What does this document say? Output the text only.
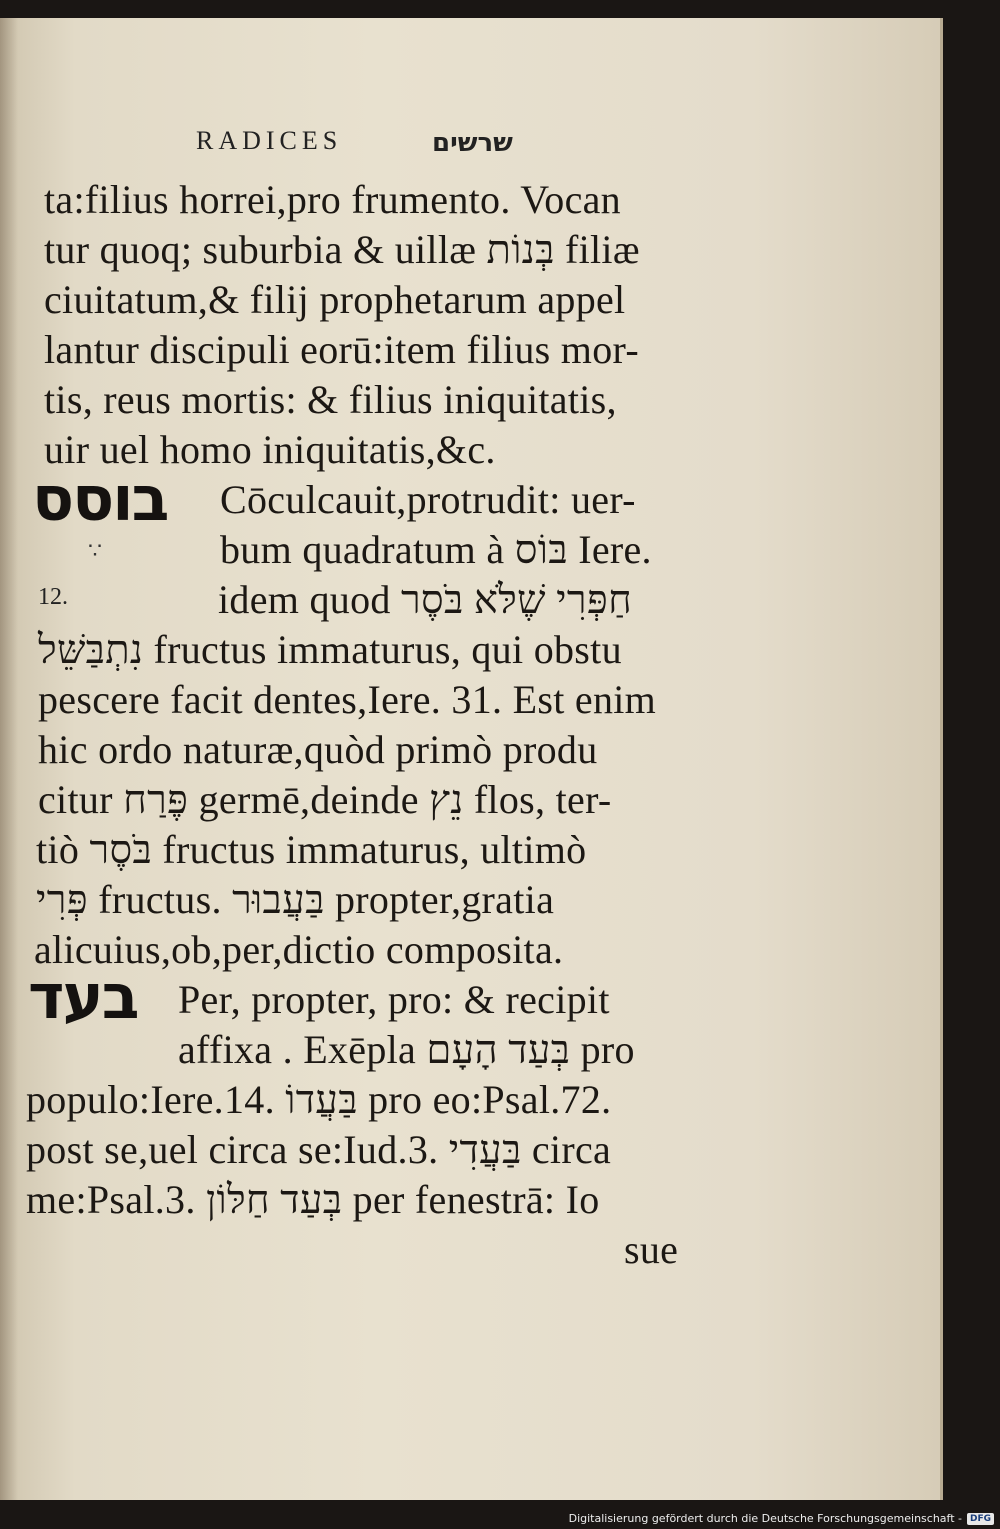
RADICES	שרשים
ta:filius horrei,pro frumento. Vocan
tur quoq; suburbia & uillæ בְּנוֹת filiæ
ciuitatum,& filij prophetarum appel
lantur discipuli eorū:item filius mor-
tis, reus mortis: & filius iniquitatis,
uir uel homo iniquitatis,&c.
בוסס Cōculcauit,protrudit: uer-
∵	bum quadratum à בּוֹס Iere.
12.	idem quod חַפְּרִי שֶׁלֹּא בֹּסֶר
נִתְבַּשֵּׁל fructus immaturus, qui obstu
pescere facit dentes,Iere. 31. Est enim
hic ordo naturæ,quòd primò produ
citur פֶּרַח germē,deinde נֵץ flos, ter-
tiò בֹּסֶר fructus immaturus, ultimò
פְּרִי fructus. בַּעֲבוּר propter,gratia
alicuius,ob,per,dictio composita.
בעד Per, propter, pro: & recipit
affixa . Exēpla בְּעַד הָעָם pro
populo:Iere.14. בַּעֲדוֹ pro eo:Psal.72.
post se,uel circa se:Iud.3. בַּעֲדִי circa
me:Psal.3. בְּעַד חַלּוֹן per fenestrā: Io
sue
Digitalisierung gefördert durch die Deutsche Forschungsgemeinschaft - DFG
